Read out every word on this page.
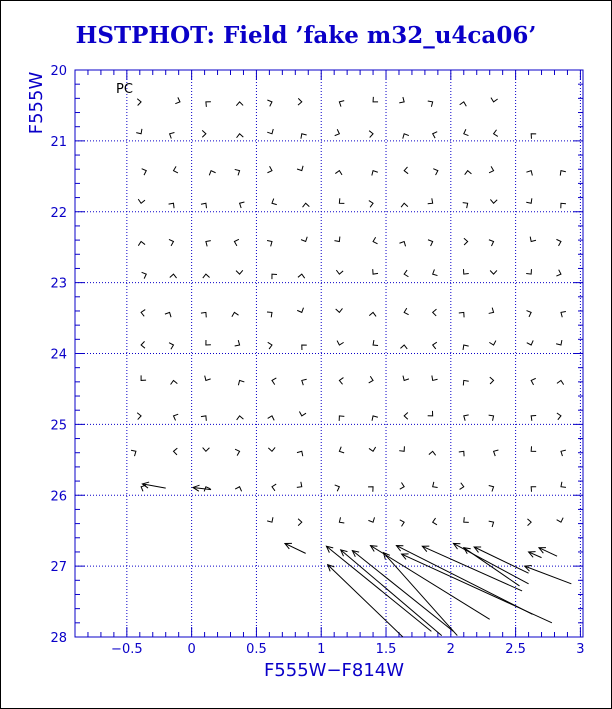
HSTPHOT: Field ’fake m32_u4ca06’
−0.5	0	0.5	1	1.5	2	2.5	3
20
21
22
23
24
25
26
27
28
PC
F555W−F814W
F555W
